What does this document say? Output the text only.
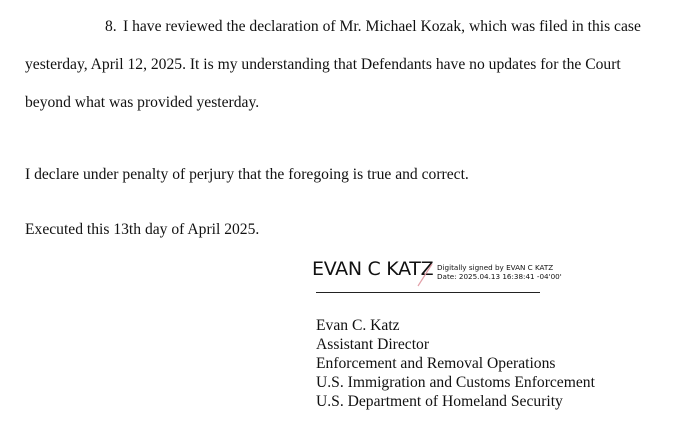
8. I have reviewed the declaration of Mr. Michael Kozak, which was filed in this case
yesterday, April 12, 2025. It is my understanding that Defendants have no updates for the Court
beyond what was provided yesterday.
I declare under penalty of perjury that the foregoing is true and correct.
Executed this 13th day of April 2025.
EVAN C KATZ Digitally signed by EVAN C KATZ
Date: 2025.04.13 16:38:41 -04'00'
Evan C. Katz
Assistant Director
Enforcement and Removal Operations
U.S. Immigration and Customs Enforcement
U.S. Department of Homeland Security
